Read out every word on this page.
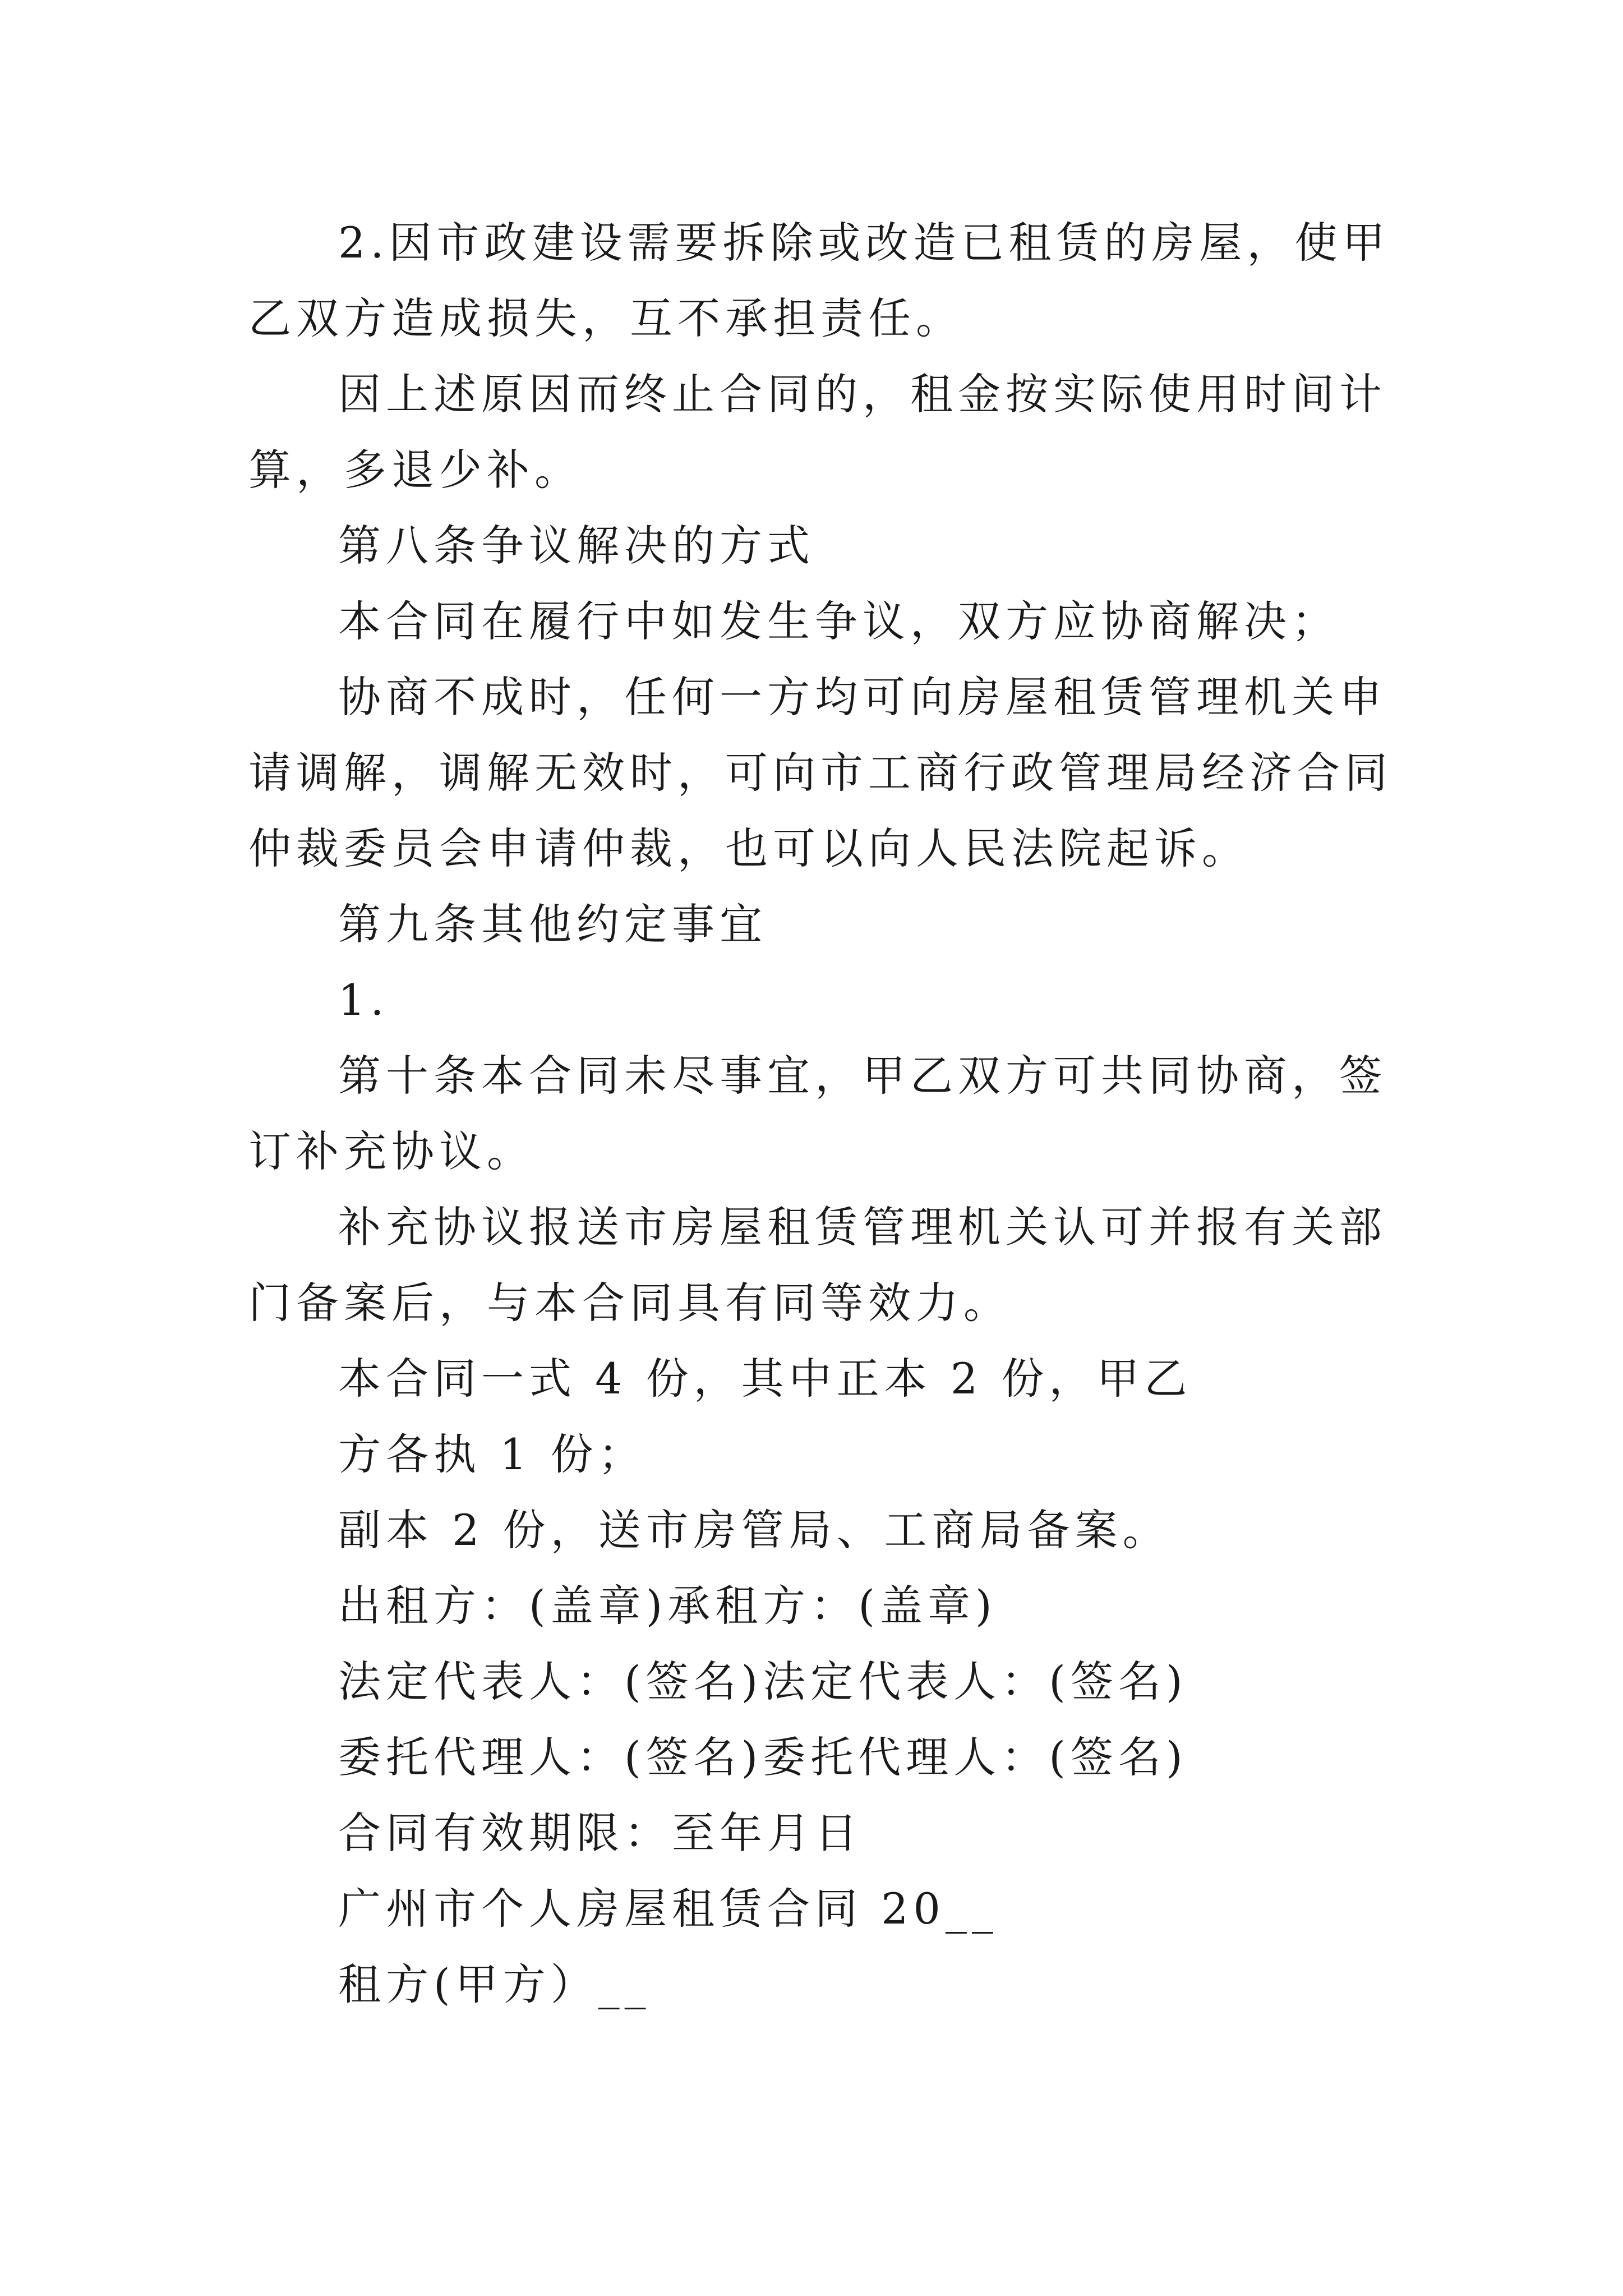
2.因市政建设需要拆除或改造已租赁的房屋，使甲乙双方造成损失，互不承担责任。

因上述原因而终止合同的，租金按实际使用时间计算，多退少补。

第八条争议解决的方式

本合同在履行中如发生争议，双方应协商解决；

协商不成时，任何一方均可向房屋租赁管理机关申请调解，调解无效时，可向市工商行政管理局经济合同仲裁委员会申请仲裁，也可以向人民法院起诉。

第九条其他约定事宜

1.

第十条本合同未尽事宜，甲乙双方可共同协商，签订补充协议。

补充协议报送市房屋租赁管理机关认可并报有关部门备案后，与本合同具有同等效力。

本合同一式 4 份，其中正本 2 份，甲乙

方各执 1 份；

副本 2 份，送市房管局、工商局备案。

出租方：(盖章)承租方：(盖章)

法定代表人：(签名)法定代表人：(签名)

委托代理人：(签名)委托代理人：(签名)

合同有效期限：至年月日

广州市个人房屋租赁合同 20__

租方(甲方）__
